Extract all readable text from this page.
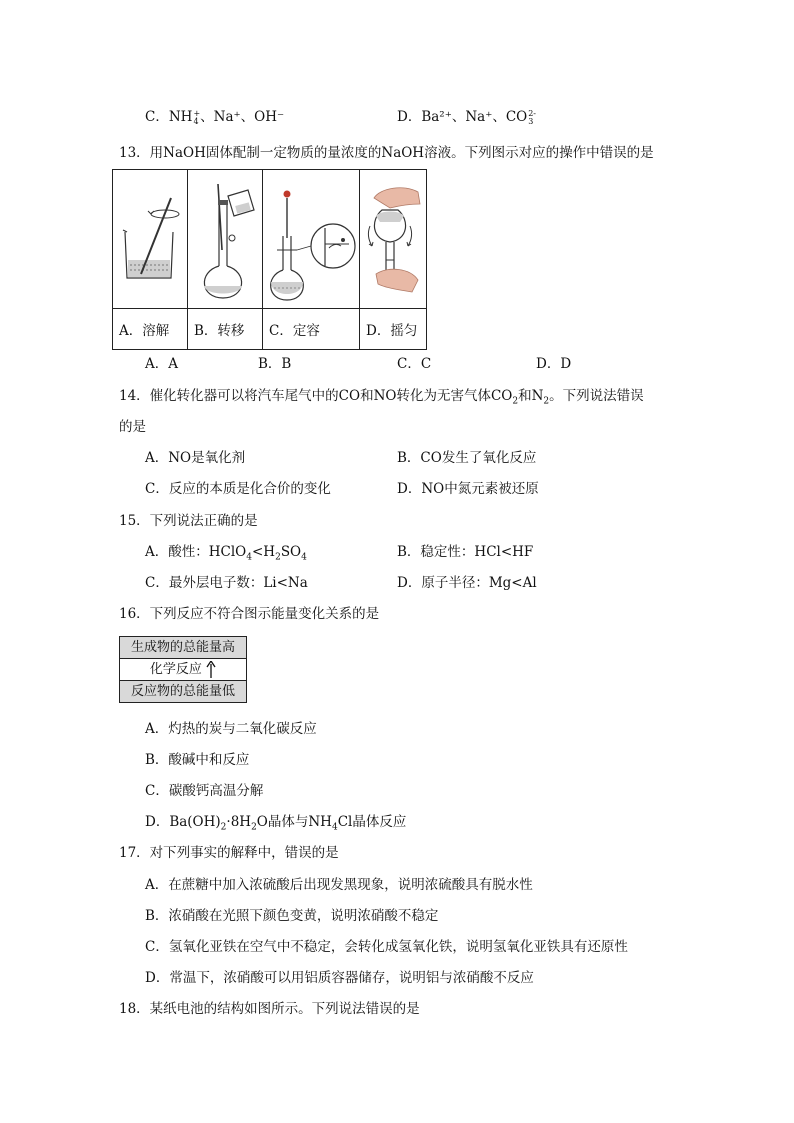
C．NH +
4 、Na⁺、OH⁻	D．Ba²⁺、Na⁺、CO 2-
3
13．用NaOH固体配制一定物质的量浓度的NaOH溶液。下列图示对应的操作中错误的是

A．溶解	B．转移	C．定容	D．摇匀
A．A	B．B	C．C	D．D
14．催化转化器可以将汽车尾气中的CO和NO转化为无害气体$CO_2$和$N_2$。下列说法错误
的是
A．NO是氧化剂	B．CO发生了氧化反应
C．反应的本质是化合价的变化	D．NO中氮元素被还原
15．下列说法正确的是
A．酸性：$HClO_4<H_2SO_4$	B．稳定性：HCl<HF
C．最外层电子数：Li<Na	D．原子半径：Mg<Al
16．下列反应不符合图示能量变化关系的是
生成物的总能量高
化学反应
反应物的总能量低
A．灼热的炭与二氧化碳反应
B．酸碱中和反应
C．碳酸钙高温分解
D．$Ba(OH)_2\cdot 8H_2O$晶体与$NH_4Cl$晶体反应
17．对下列事实的解释中，错误的是
A．在蔗糖中加入浓硫酸后出现发黑现象，说明浓硫酸具有脱水性
B．浓硝酸在光照下颜色变黄，说明浓硝酸不稳定
C．氢氧化亚铁在空气中不稳定，会转化成氢氧化铁，说明氢氧化亚铁具有还原性
D．常温下，浓硝酸可以用铝质容器储存，说明铝与浓硝酸不反应
18．某纸电池的结构如图所示。下列说法错误的是
